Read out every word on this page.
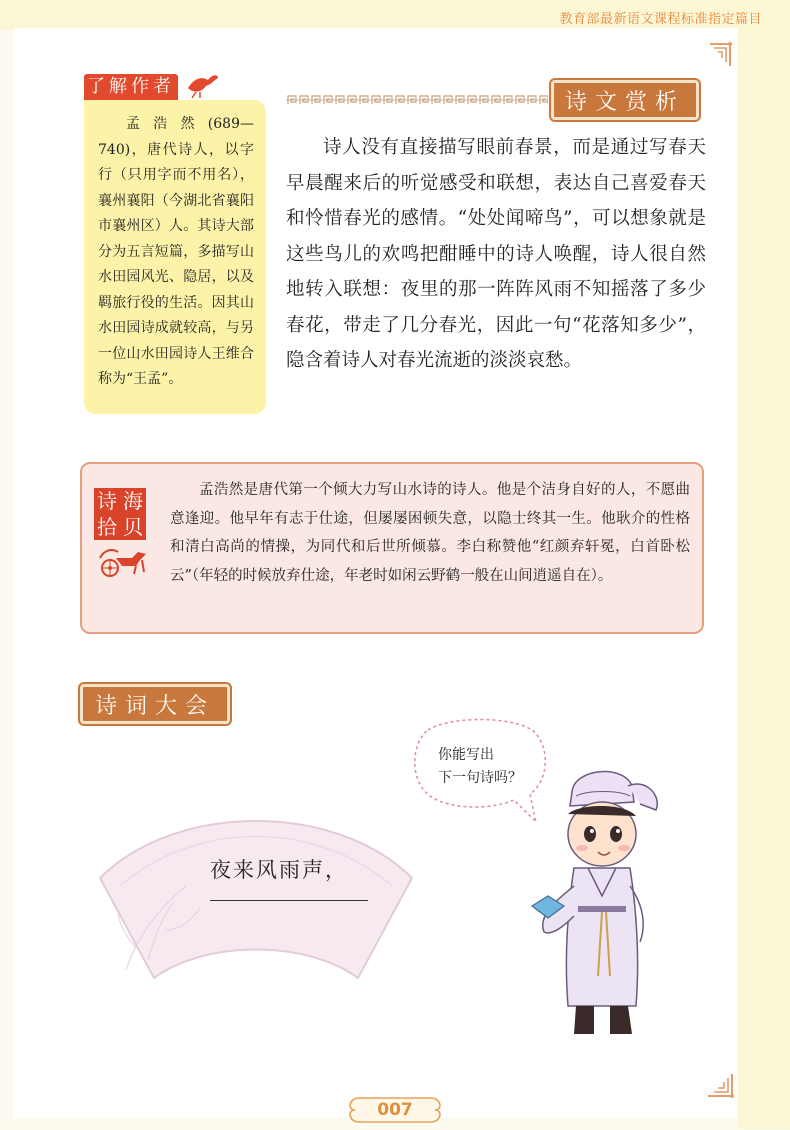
教育部最新语文课程标准指定篇目
了解作者

孟浩然(689—740)，唐代诗人，以字行（只用字而不用名），襄州襄阳（今湖北省襄阳市襄州区）人。其诗大部分为五言短篇，多描写山水田园风光、隐居，以及羁旅行役的生活。因其山水田园诗成就较高，与另一位山水田园诗人王维合称为“王孟”。

诗文赏析

诗人没有直接描写眼前春景，而是通过写春天早晨醒来后的听觉感受和联想，表达自己喜爱春天和怜惜春光的感情。“处处闻啼鸟”，可以想象就是这些鸟儿的欢鸣把酣睡中的诗人唤醒，诗人很自然地转入联想：夜里的那一阵阵风雨不知摇落了多少春花，带走了几分春光，因此一句“花落知多少”，隐含着诗人对春光流逝的淡淡哀愁。

诗 海
拾 贝

孟浩然是唐代第一个倾大力写山水诗的诗人。他是个洁身自好的人，不愿曲意逢迎。他早年有志于仕途，但屡屡困顿失意，以隐士终其一生。他耿介的性格和清白高尚的情操，为同代和后世所倾慕。李白称赞他“红颜弃轩冕，白首卧松云”（年轻的时候放弃仕途，年老时如闲云野鹤一般在山间逍遥自在）。

诗词大会
夜来风雨声，
你能写出
下一句诗吗？
007
